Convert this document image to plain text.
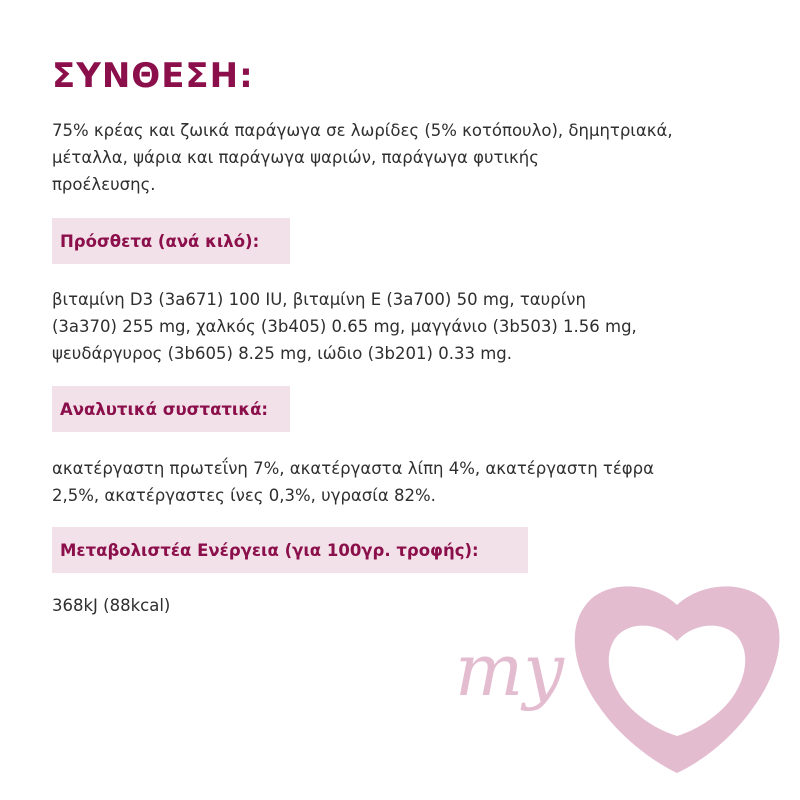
ΣΥΝΘΕΣΗ:
75% κρέας και ζωικά παράγωγα σε λωρίδες (5% κοτόπουλο), δημητριακά,
μέταλλα, ψάρια και παράγωγα ψαριών, παράγωγα φυτικής
προέλευσης.
Πρόσθετα (ανά κιλό):
βιταμίνη D3 (3a671) 100 IU, βιταμίνη E (3a700) 50 mg, ταυρίνη
(3a370) 255 mg, χαλκός (3b405) 0.65 mg, μαγγάνιο (3b503) 1.56 mg,
ψευδάργυρος (3b605) 8.25 mg, ιώδιο (3b201) 0.33 mg.
Αναλυτικά συστατικά:
ακατέργαστη πρωτεΐνη 7%, ακατέργαστα λίπη 4%, ακατέργαστη τέφρα
2,5%, ακατέργαστες ίνες 0,3%, υγρασία 82%.
Μεταβολιστέα Ενέργεια (για 100γρ. τροφής):
368kJ (88kcal)
my
